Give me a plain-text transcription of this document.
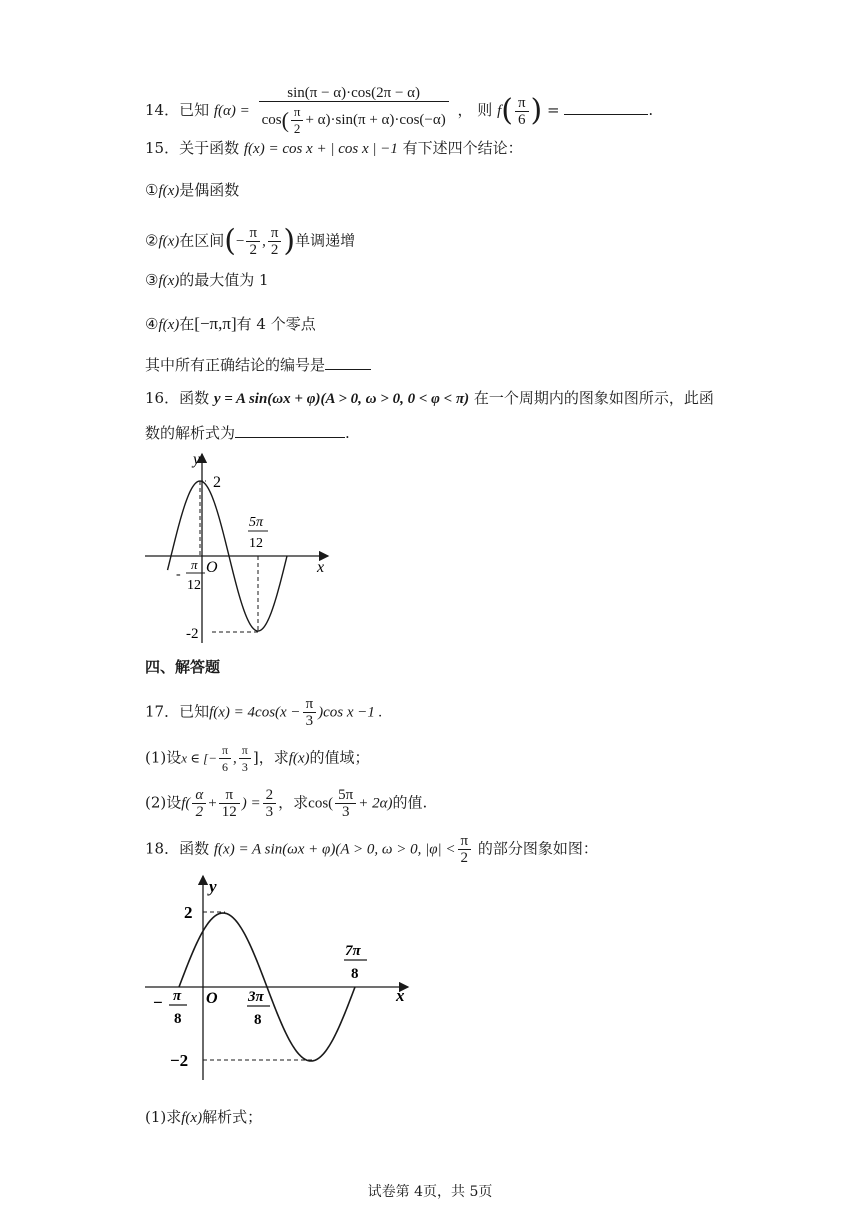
14．已知 $f(\alpha) = \frac{\sin(\pi - \alpha)\cdot\cos(2\pi - \alpha)}{\cos( \frac{\pi}{2} + \alpha)\cdot\sin(\pi + \alpha)\cdot\cos(-\alpha)}$ ， 则 $f( \frac{\pi}{6}$ ) =	.
15．关于函数 f(x) = cos x + | cos x | −1 有下述四个结论：
①f(x)是偶函数
②f(x)在区间(− $\frac{\pi}{2}$ , $\frac{\pi}{2}$ )单调递增
③f(x)的最大值为 1
④f(x)在[−π,π]有 4 个零点
其中所有正确结论的编号是
16．函数 y = A sin(ωx + φ)(A > 0, ω > 0, 0 < φ < π) 在一个周期内的图象如图所示，此函
数的解析式为	.
y
x
O
2
-2
-
π
12
5π
12
四、解答题
17．已知$f(x) = 4\cos(x - \frac{\pi}{3} )\cos$ x −1 .
(1)设x ∈ [− $\frac{\pi}{6}$ , $\frac{\pi}{3}$ ]，求f(x)的值域；
(2)设$f( \frac{\alpha}{2} + \frac{\pi}{12}$ ) = $\frac{2}{3}$ ，求$\cos( \frac{5\pi}{3} + 2\alpha)$的值.
18．函数 f(x) = A sin(ωx + φ)(A > 0, ω > 0, $|\varphi| < \frac{\pi}{2}$ 的部分图象如图：
y
x
O
2
−2
− π
8
3π
8
7π
8
(1)求f(x)解析式；
试卷第 4页，共 5页
